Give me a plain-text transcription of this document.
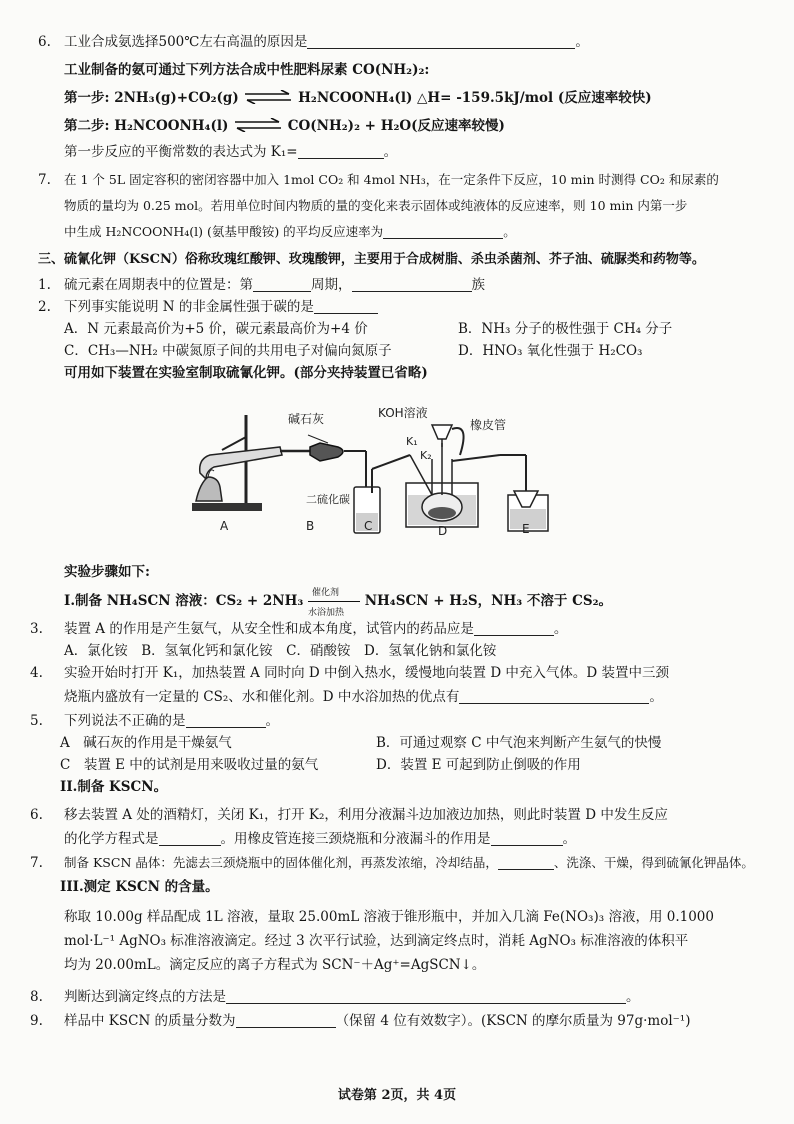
6. 工业合成氨选择500℃左右高温的原因是	。
工业制备的氨可通过下列方法合成中性肥料尿素 CO(NH₂)₂:
第一步: 2NH₃(g)+CO₂(g) ⇌ H₂NCOONH₄(l) △H= -159.5kJ/mol (反应速率较快)
第二步: H₂NCOONH₄(l) ⇌ CO(NH₂)₂ + H₂O(反应速率较慢)
第一步反应的平衡常数的表达式为 K₁=	。
7. 在 1 个 5L 固定容积的密闭容器中加入 1mol CO₂ 和 4mol NH₃，在一定条件下反应，10 min 时测得 CO₂ 和尿素的
物质的量均为 0.25 mol。若用单位时间内物质的量的变化来表示固体或纯液体的反应速率，则 10 min 内第一步
中生成 H₂NCOONH₄(l) (氨基甲酸铵) 的平均反应速率为	。
三、硫氰化钾（KSCN）俗称玫瑰红酸钾、玫瑰酸钾，主要用于合成树脂、杀虫杀菌剂、芥子油、硫脲类和药物等。
1. 硫元素在周期表中的位置是：第	周期，	族
2. 下列事实能说明 N 的非金属性强于碳的是
A．N 元素最高价为+5 价，碳元素最高价为+4 价	B．NH₃ 分子的极性强于 CH₄ 分子
C．CH₃—NH₂ 中碳氮原子间的共用电子对偏向氮原子	D．HNO₃ 氧化性强于 H₂CO₃
可用如下装置在实验室制取硫氰化钾。(部分夹持装置已省略)
碱石灰	KOH溶液
橡皮管
K₁
K₂
二硫化碳
A	B	C	D	E
实验步骤如下:
I.制备 NH₄SCN 溶液：CS₂ + 2NH₃
催化剂
水浴加热
NH₄SCN + H₂S，NH₃ 不溶于 CS₂。
3. 装置 A 的作用是产生氨气，从安全性和成本角度，试管内的药品应是	。
A．氯化铵　B．氢氧化钙和氯化铵　C．硝酸铵　D．氢氧化钠和氯化铵
4. 实验开始时打开 K₁，加热装置 A 同时向 D 中倒入热水，缓慢地向装置 D 中充入气体。D 装置中三颈
烧瓶内盛放有一定量的 CS₂、水和催化剂。D 中水浴加热的优点有	。
5. 下列说法不正确的是	。
A　碱石灰的作用是干燥氨气	B．可通过观察 C 中气泡来判断产生氨气的快慢
C　装置 E 中的试剂是用来吸收过量的氨气	D．装置 E 可起到防止倒吸的作用
II.制备 KSCN。
6. 移去装置 A 处的酒精灯，关闭 K₁，打开 K₂，利用分液漏斗边加液边加热，则此时装置 D 中发生反应
的化学方程式是	。用橡皮管连接三颈烧瓶和分液漏斗的作用是	。
7. 制备 KSCN 晶体：先滤去三颈烧瓶中的固体催化剂，再蒸发浓缩，冷却结晶，	、洗涤、干燥，得到硫氰化钾晶体。
III.测定 KSCN 的含量。
称取 10.00g 样品配成 1L 溶液，量取 25.00mL 溶液于锥形瓶中，并加入几滴 Fe(NO₃)₃ 溶液，用 0.1000
mol·L⁻¹ AgNO₃ 标准溶液滴定。经过 3 次平行试验，达到滴定终点时，消耗 AgNO₃ 标准溶液的体积平
均为 20.00mL。滴定反应的离子方程式为 SCN⁻＋Ag⁺=AgSCN↓。
8. 判断达到滴定终点的方法是	。
9. 样品中 KSCN 的质量分数为	（保留 4 位有效数字）。(KSCN 的摩尔质量为 97g·mol⁻¹)
试卷第 2页，共 4页
